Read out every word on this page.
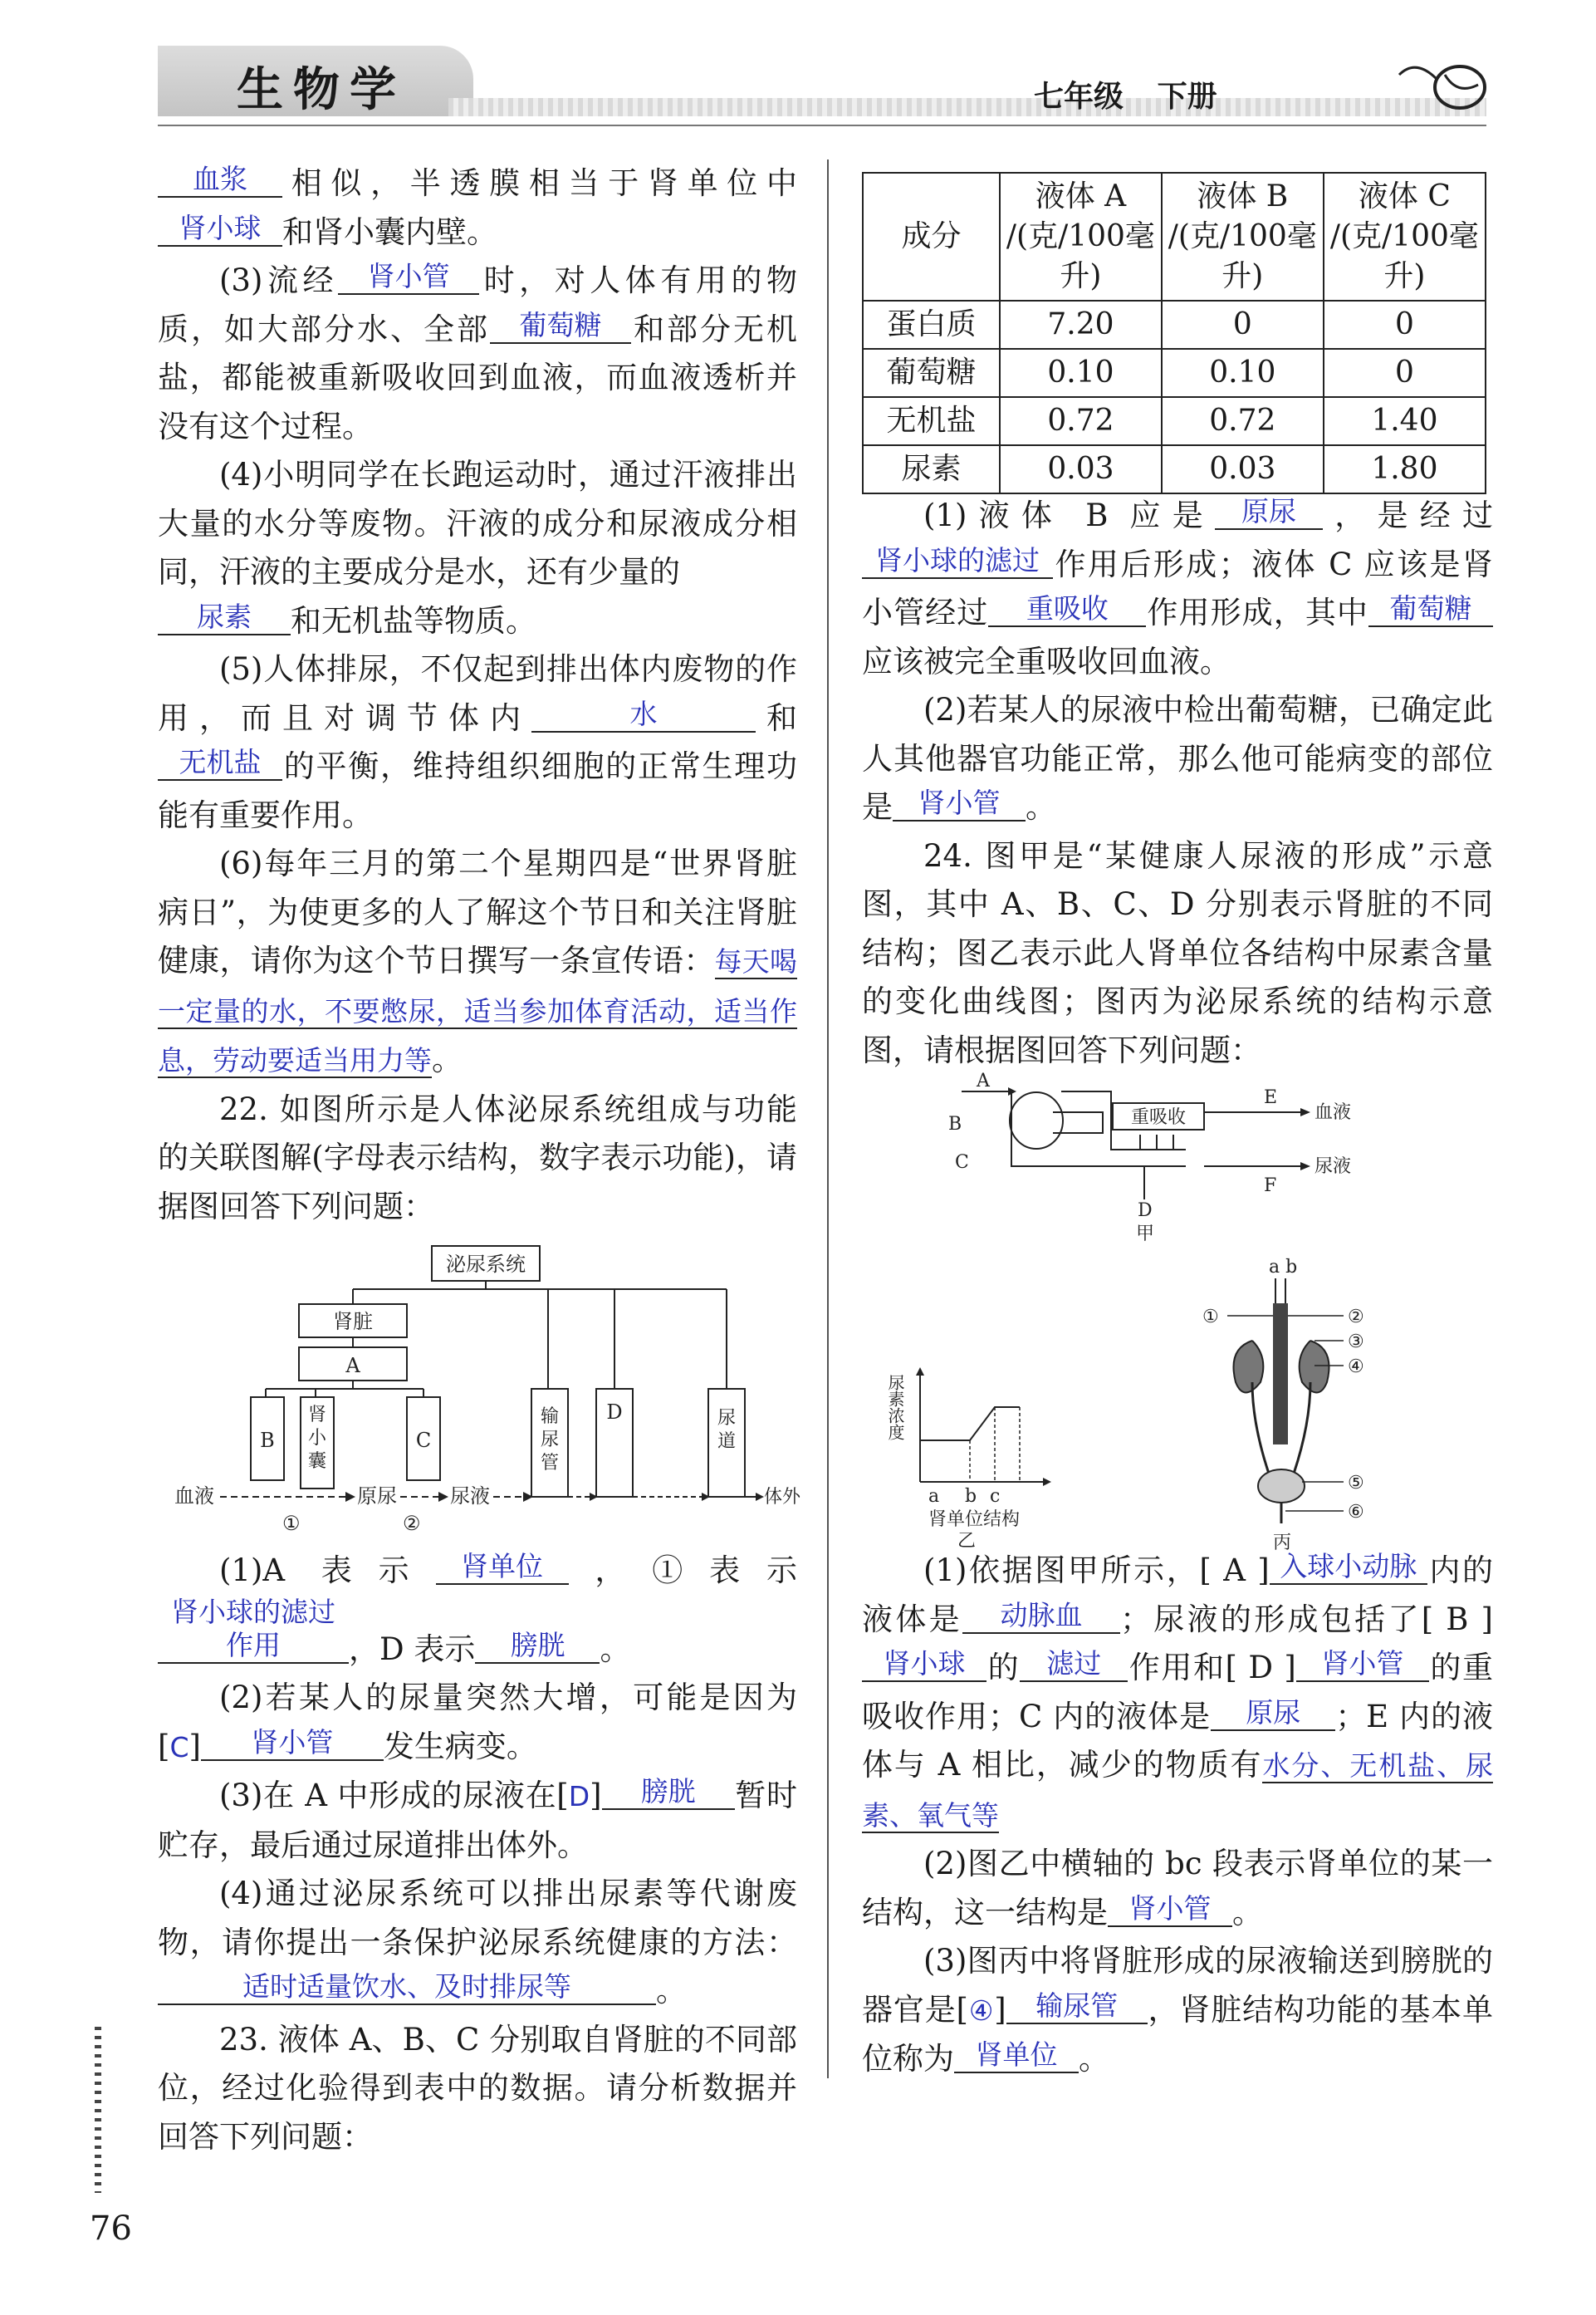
生物学	七年级 下册

血浆 相似，半透膜相当于肾单位中肾小球 和肾小囊内壁。

(3)流经 肾小管 时，对人体有用的物质，如大部分水、全部 葡萄糖 和部分无机盐，都能被重新吸收回到血液，而血液透析并没有这个过程。

(4)小明同学在长跑运动时，通过汗液排出大量的水分等废物。汗液的成分和尿液成分相同，汗液的主要成分是水，还有少量的
尿素 和无机盐等物质。

(5)人体排尿，不仅起到排出体内废物的作用，而且对调节体内	水	和无机盐 的平衡，维持组织细胞的正常生理功能有重要作用。

(6)每年三月的第二个星期四是“世界肾脏病日”，为使更多的人了解这个节日和关注肾脏健康，请你为这个节日撰写一条宣传语：每天喝一定量的水，不要憋尿，适当参加体育活动，适当作息，劳动要适当用力等。

22. 如图所示是人体泌尿系统组成与功能的关联图解(字母表示结构，数字表示功能)，请据图回答下列问题：

泌尿系统
肾脏
A
B
肾
小
囊
C
输
尿
管
D	尿
道
血液	原尿	尿液	体外
①	②

(1)A 表示 肾单位 ，①表示肾小球的滤过作用 ，D 表示 膀胱 。

(2)若某人的尿量突然大增，可能是因为[C] 肾小管 发生病变。

(3)在 A 中形成的尿液在[D] 膀胱 暂时贮存，最后通过尿道排出体外。

(4)通过泌尿系统可以排出尿素等代谢废物，请你提出一条保护泌尿系统健康的方法：适时适量饮水、及时排尿等	。

23. 液体 A、B、C 分别取自肾脏的不同部位，经过化验得到表中的数据。请分析数据并回答下列问题：

成分	液体 A /(克/100毫升)	液体 B /(克/100毫升)	液体 C /(克/100毫升)
蛋白质	7.20	0	0
葡萄糖	0.10	0.10	0
无机盐	0.72	0.72	1.40
尿素	0.03	0.03	1.80

(1)液体 B 应是 原尿 ，是经过肾小球的滤过 作用后形成；液体 C 应该是肾小管经过 重吸收 作用形成，其中 葡萄糖应该被完全重吸收回血液。

(2)若某人的尿液中检出葡萄糖，已确定此人其他器官功能正常，那么他可能病变的部位是 肾小管 。

24. 图甲是“某健康人尿液的形成”示意图，其中 A、B、C、D 分别表示肾脏的不同结构；图乙表示此人肾单位各结构中尿素含量的变化曲线图；图丙为泌尿系统的结构示意图，请根据图回答下列问题：

A
B
C
重吸收
E
血液
F
尿液
D
甲
尿素浓度
a b c
肾单位结构
乙
a b
①	②
③
④
⑤
⑥
丙

(1)依据图甲所示，[ A ] 入球小动脉 内的液体是 动脉血 ；尿液的形成包括了[ B ]肾小球 的 滤过 作用和[ D ] 肾小管 的重吸收作用；C 内的液体是 原尿 ；E 内的液体与 A 相比，减少的物质有水分、无机盐、尿素、氧气等

(2)图乙中横轴的 bc 段表示肾单位的某一结构，这一结构是 肾小管 。

(3)图丙中将肾脏形成的尿液输送到膀胱的器官是[④] 输尿管 ，肾脏结构功能的基本单位称为 肾单位 。

76
